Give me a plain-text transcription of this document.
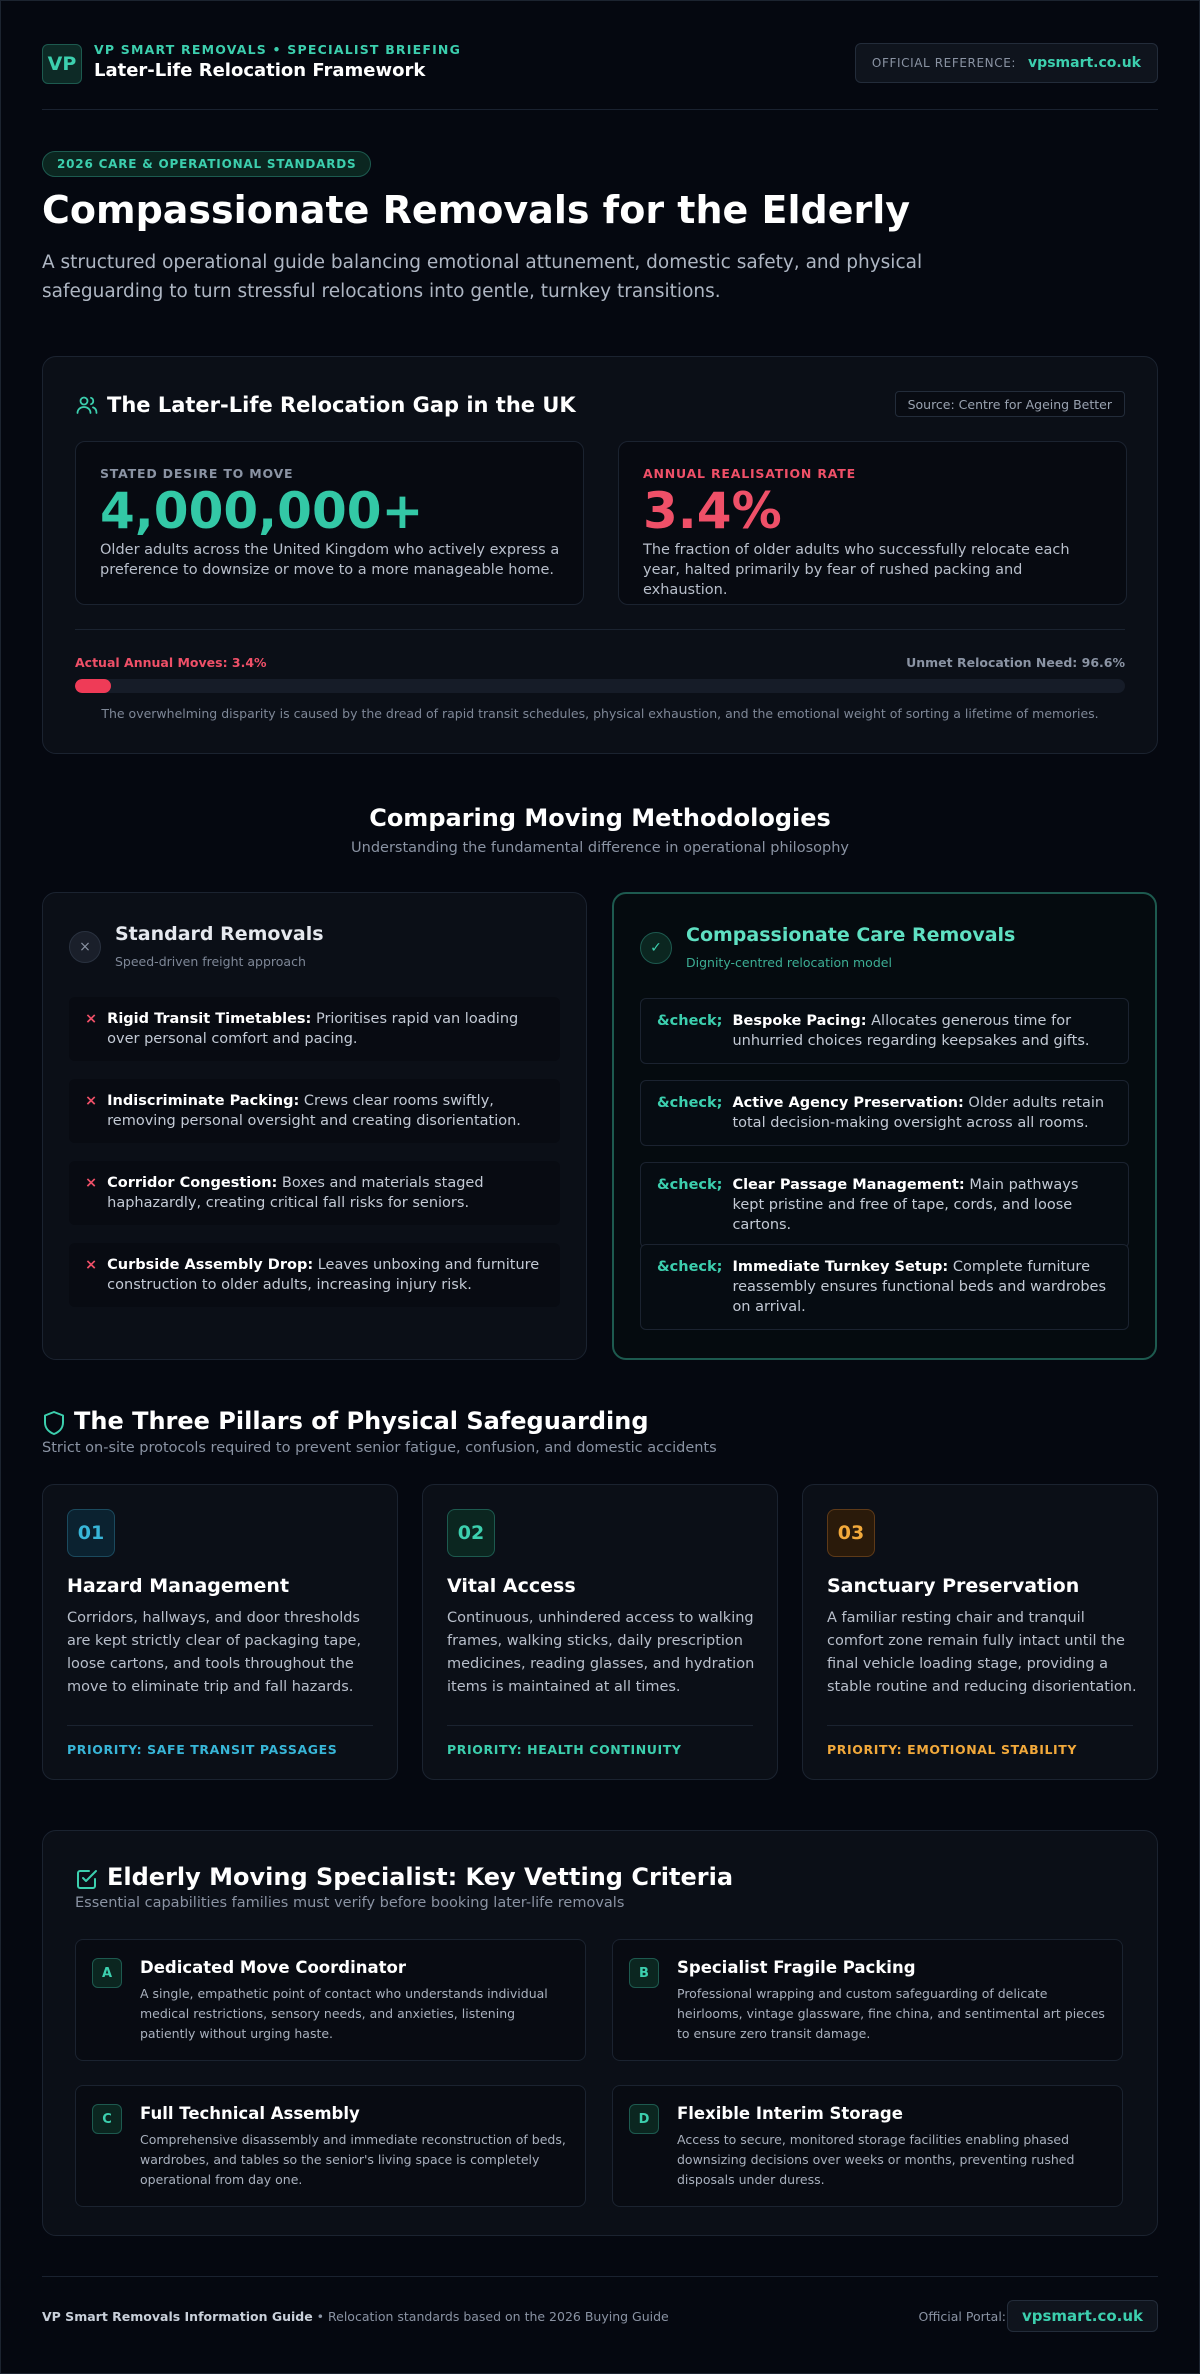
VP
VP SMART REMOVALS • SPECIALIST BRIEFING
Later-Life Relocation Framework	OFFICIAL REFERENCE: vpsmart.co.uk
2026 CARE & OPERATIONAL STANDARDS
Compassionate Removals for the Elderly

A structured operational guide balancing emotional attunement, domestic safety, and physical safeguarding to turn stressful relocations into gentle, turnkey transitions.

The Later-Life Relocation Gap in the UK	Source: Centre for Ageing Better
STATED DESIRE TO MOVE
4,000,000+
Older adults across the United Kingdom who actively express a preference to downsize or move to a more manageable home.
ANNUAL REALISATION RATE
3.4%
The fraction of older adults who successfully relocate each year, halted primarily by fear of rushed packing and exhaustion.
Actual Annual Moves: 3.4%	Unmet Relocation Need: 96.6%
The overwhelming disparity is caused by the dread of rapid transit schedules, physical exhaustion, and the emotional weight of sorting a lifetime of memories.
Comparing Moving Methodologies

Understanding the fundamental difference in operational philosophy

×
Standard Removals
Speed-driven freight approach
× Rigid Transit Timetables: Prioritises rapid van loading over personal comfort and pacing.
× Indiscriminate Packing: Crews clear rooms swiftly, removing personal oversight and creating disorientation.
× Corridor Congestion: Boxes and materials staged haphazardly, creating critical fall risks for seniors.
× Curbside Assembly Drop: Leaves unboxing and furniture construction to older adults, increasing injury risk.
✓
Compassionate Care Removals
Dignity-centred relocation model
&check; Bespoke Pacing: Allocates generous time for unhurried choices regarding keepsakes and gifts.
&check; Active Agency Preservation: Older adults retain total decision-making oversight across all rooms.
&check; Clear Passage Management: Main pathways kept pristine and free of tape, cords, and loose cartons.
&check; Immediate Turnkey Setup: Complete furniture reassembly ensures functional beds and wardrobes on arrival.
The Three Pillars of Physical Safeguarding

Strict on-site protocols required to prevent senior fatigue, confusion, and domestic accidents

01
Hazard Management
Corridors, hallways, and door thresholds are kept strictly clear of packaging tape, loose cartons, and tools throughout the move to eliminate trip and fall hazards.
PRIORITY: SAFE TRANSIT PASSAGES
02
Vital Access
Continuous, unhindered access to walking frames, walking sticks, daily prescription medicines, reading glasses, and hydration items is maintained at all times.
PRIORITY: HEALTH CONTINUITY
03
Sanctuary Preservation
A familiar resting chair and tranquil comfort zone remain fully intact until the final vehicle loading stage, providing a stable routine and reducing disorientation.
PRIORITY: EMOTIONAL STABILITY
Elderly Moving Specialist: Key Vetting Criteria
Essential capabilities families must verify before booking later-life removals
A	Dedicated Move Coordinator
A single, empathetic point of contact who understands individual medical restrictions, sensory needs, and anxieties, listening patiently without urging haste.
B	Specialist Fragile Packing
Professional wrapping and custom safeguarding of delicate heirlooms, vintage glassware, fine china, and sentimental art pieces to ensure zero transit damage.
C	Full Technical Assembly
Comprehensive disassembly and immediate reconstruction of beds, wardrobes, and tables so the senior's living space is completely operational from day one.
D	Flexible Interim Storage
Access to secure, monitored storage facilities enabling phased downsizing decisions over weeks or months, preventing rushed disposals under duress.
VP Smart Removals Information Guide • Relocation standards based on the 2026 Buying Guide	Official Portal:	vpsmart.co.uk
